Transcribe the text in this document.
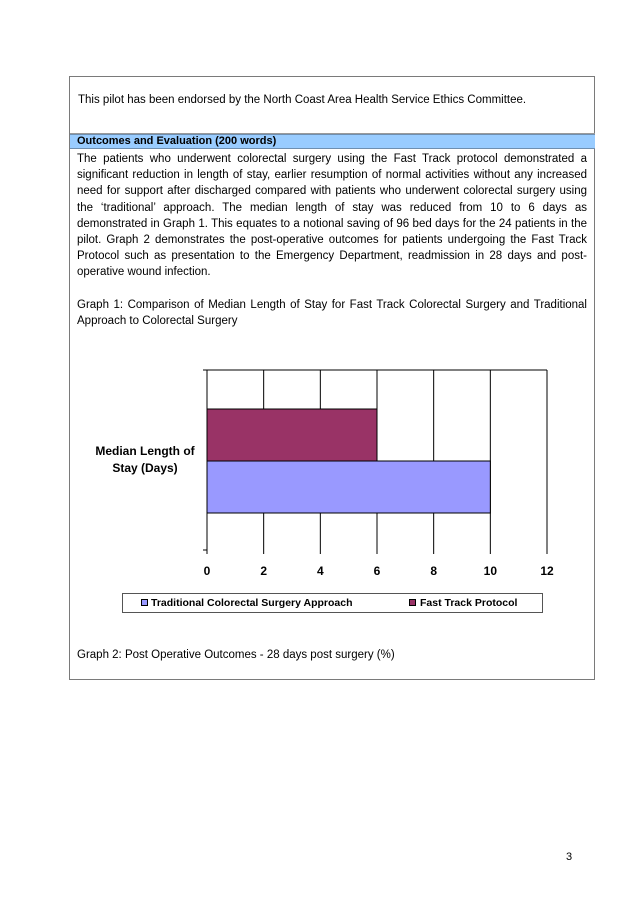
This pilot has been endorsed by the North Coast Area Health Service Ethics Committee.
Outcomes and Evaluation (200 words)
The patients who underwent colorectal surgery using the Fast Track protocol demonstrated a significant reduction in length of stay, earlier resumption of normal activities without any increased need for support after discharged compared with patients who underwent colorectal surgery using the ‘traditional’ approach. The median length of stay was reduced from 10 to 6 days as demonstrated in Graph 1. This equates to a notional saving of 96 bed days for the 24 patients in the pilot. Graph 2 demonstrates the post-operative outcomes for patients undergoing the Fast Track Protocol such as presentation to the Emergency Department, readmission in 28 days and post-operative wound infection.
Graph 1: Comparison of Median Length of Stay for Fast Track Colorectal Surgery and Traditional Approach to Colorectal Surgery
0	2	4	6	8	10	12
Median Length of
Stay (Days)
Traditional Colorectal Surgery Approach	Fast Track Protocol
Graph 2: Post Operative Outcomes - 28 days post surgery (%)
3
